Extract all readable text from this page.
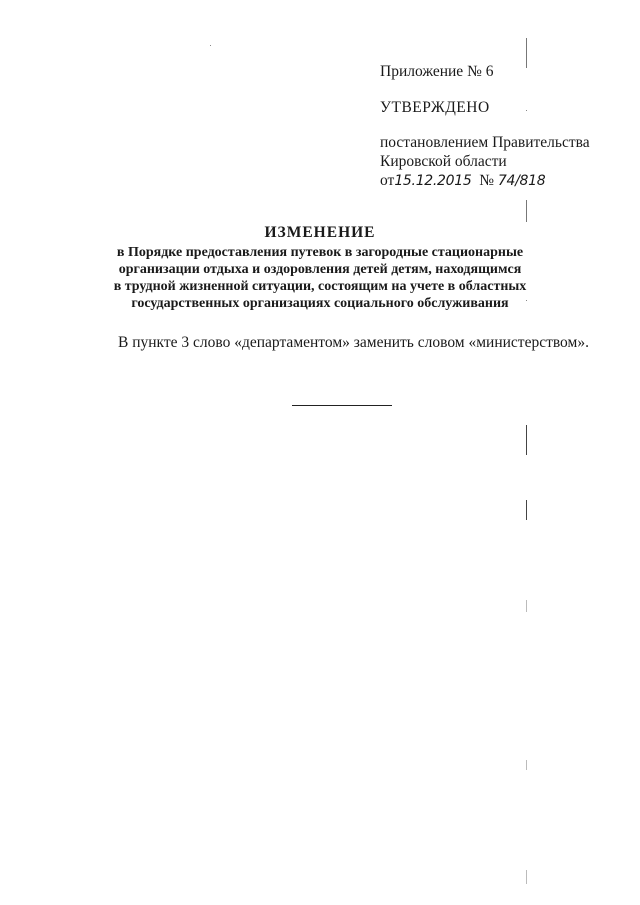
Приложение № 6
УТВЕРЖДЕНО
постановлением Правительства
Кировской области
от15.12.2015 № 74/818
ИЗМЕНЕНИЕ
в Порядке предоставления путевок в загородные стационарные
организации отдыха и оздоровления детей детям, находящимся
в трудной жизненной ситуации, состоящим на учете в областных
государственных организациях социального обслуживания
В пункте 3 слово «департаментом» заменить словом «министерством».
